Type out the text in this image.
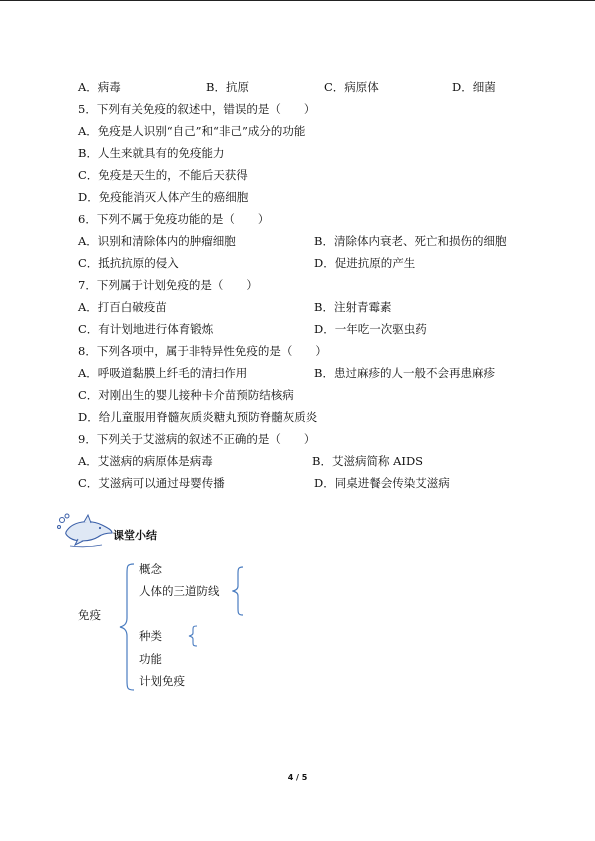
A．病毒	B．抗原	C．病原体	D．细菌
5．下列有关免疫的叙述中，错误的是（　　）
A．免疫是人识别“自己”和“非己”成分的功能
B．人生来就具有的免疫能力
C．免疫是天生的，不能后天获得
D．免疫能消灭人体产生的癌细胞
6．下列不属于免疫功能的是（　　）
A．识别和清除体内的肿瘤细胞	B．清除体内衰老、死亡和损伤的细胞
C．抵抗抗原的侵入	D．促进抗原的产生
7．下列属于计划免疫的是（　　）
A．打百白破疫苗	B．注射青霉素
C．有计划地进行体育锻炼	D．一年吃一次驱虫药
8．下列各项中，属于非特异性免疫的是（　　）
A．呼吸道黏膜上纤毛的清扫作用	B．患过麻疹的人一般不会再患麻疹
C．对刚出生的婴儿接种卡介苗预防结核病
D．给儿童服用脊髓灰质炎糖丸预防脊髓灰质炎
9．下列关于艾滋病的叙述不正确的是（　　）
A．艾滋病的病原体是病毒	B．艾滋病简称 AIDS
C．艾滋病可以通过母婴传播	D．同桌进餐会传染艾滋病
课堂小结
免疫
概念
人体的三道防线
种类
功能
计划免疫
4 / 5
